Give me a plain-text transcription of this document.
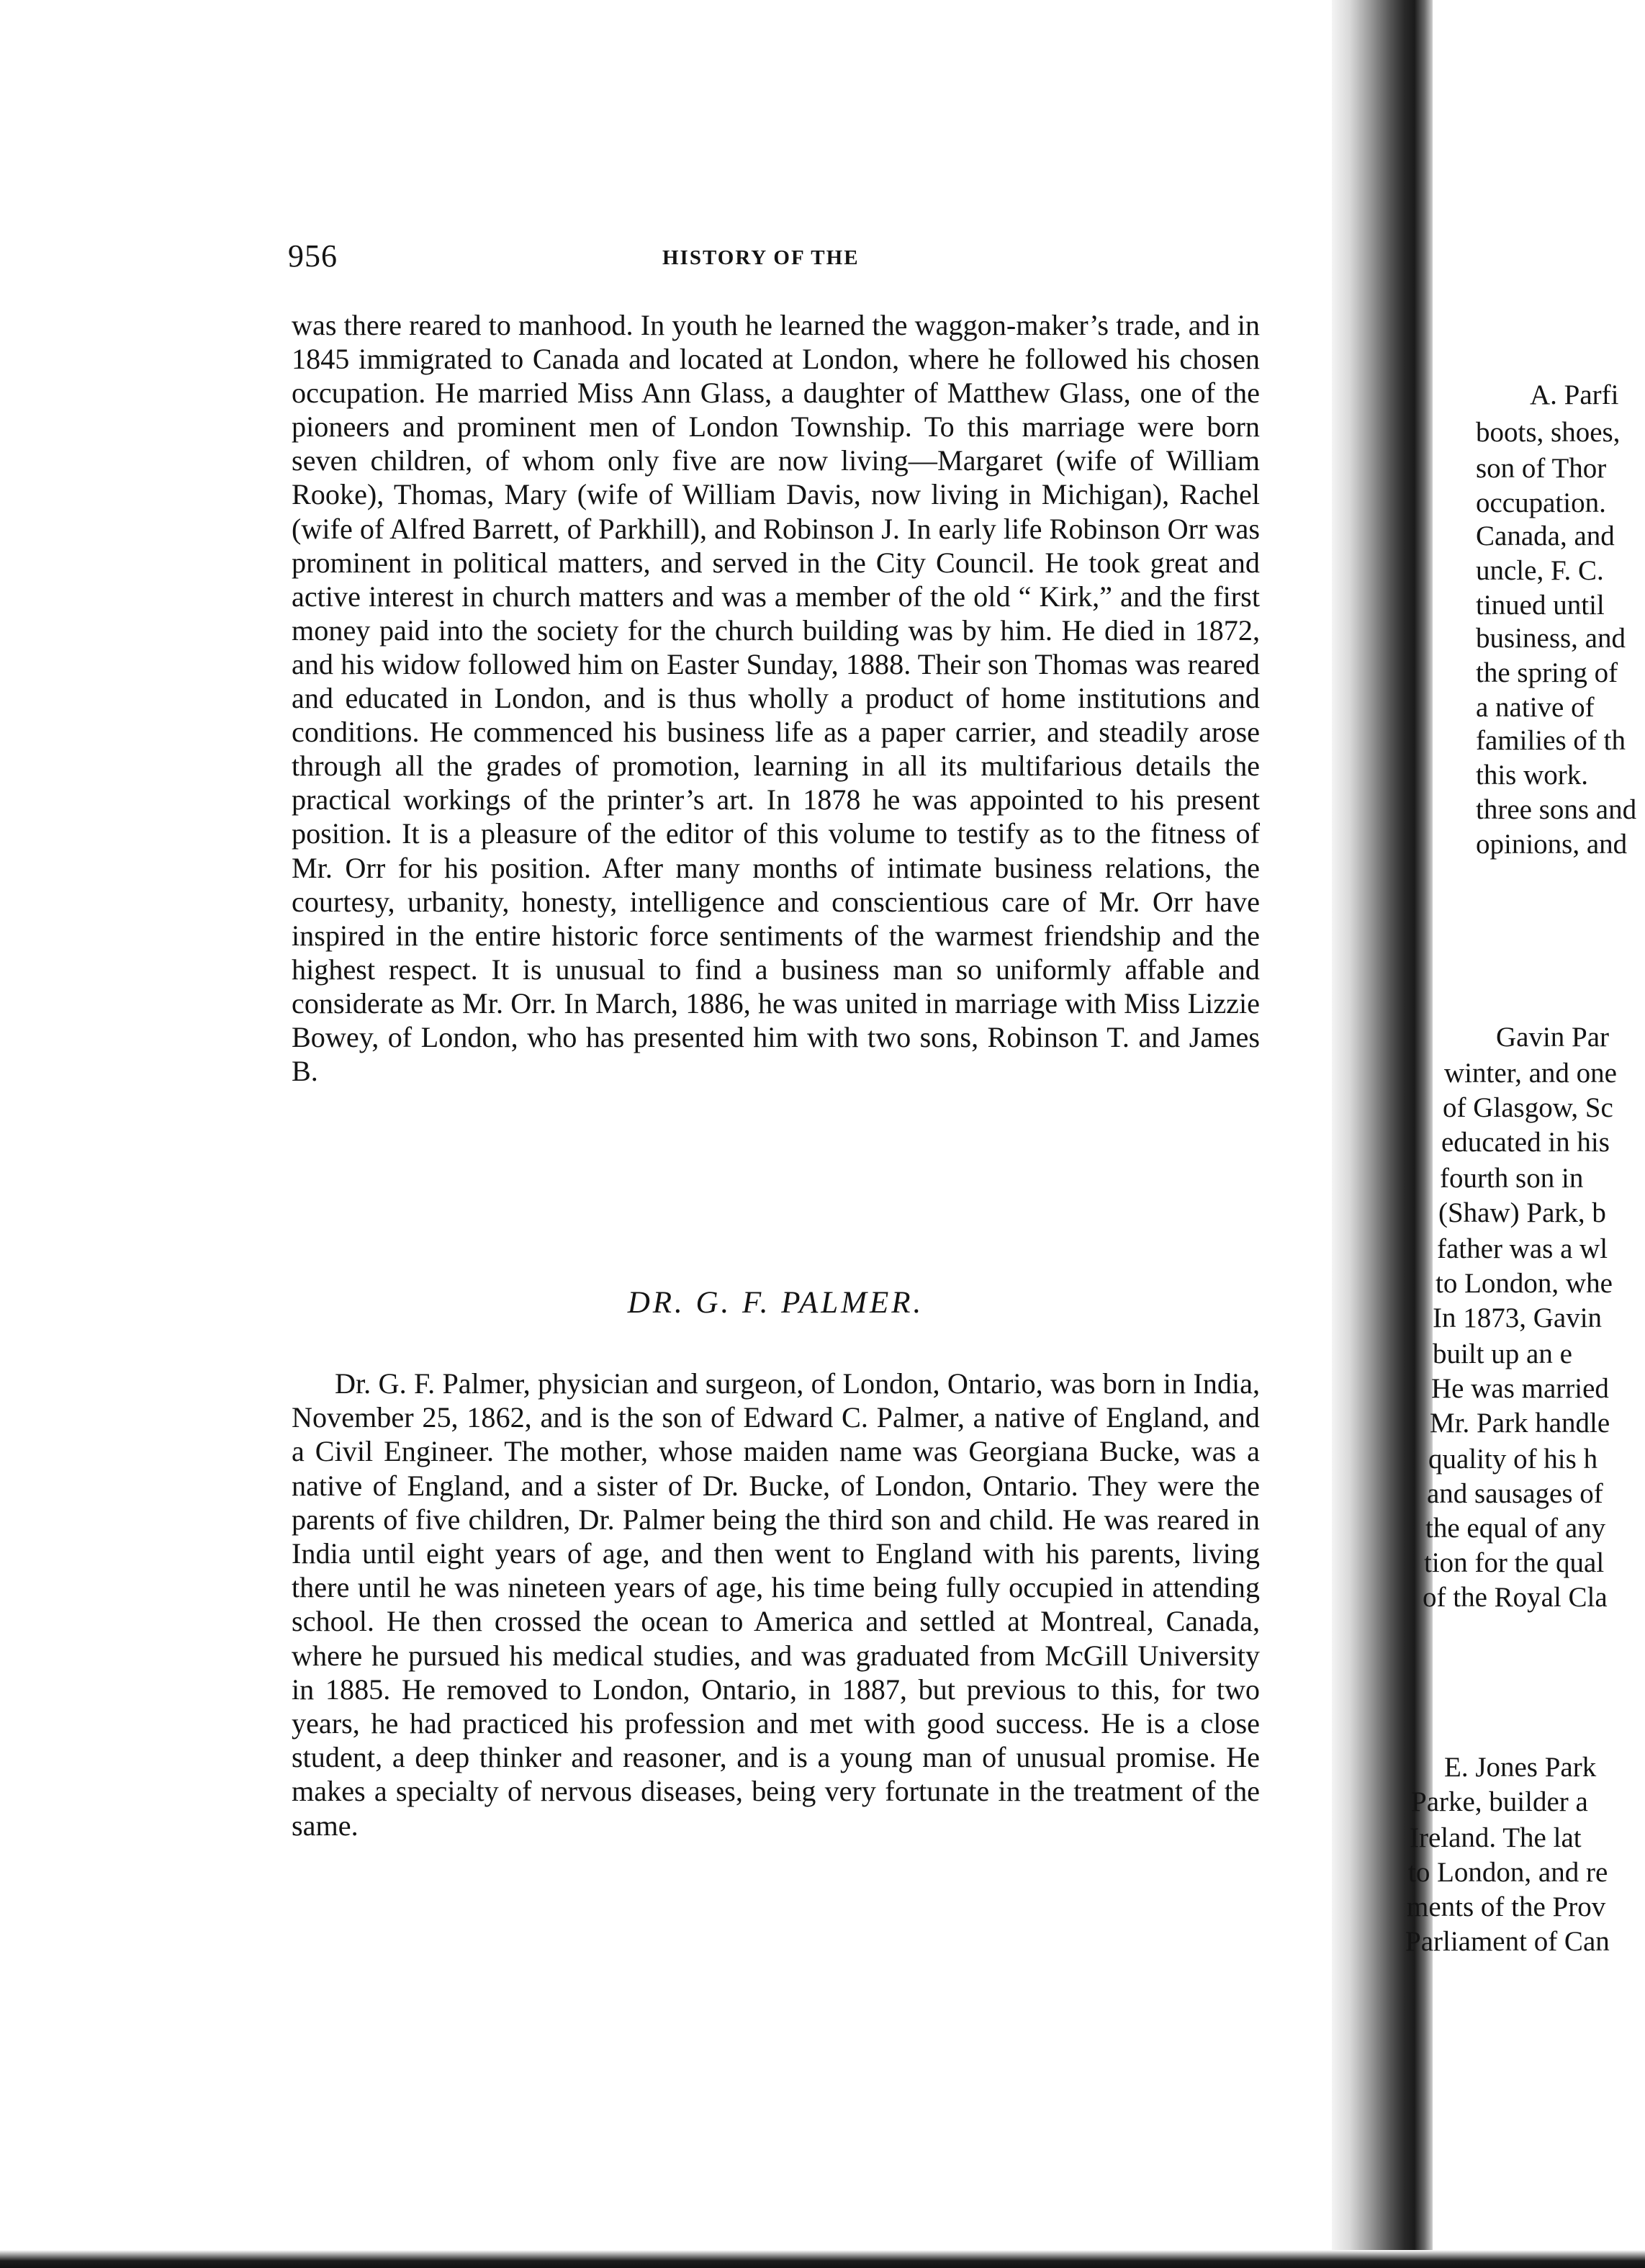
956	HISTORY OF THE

was there reared to manhood. In youth he learned the waggon-maker’s trade, and in 1845 immigrated to Canada and located at London, where he followed his chosen occupation. He married Miss Ann Glass, a daughter of Matthew Glass, one of the pioneers and prominent men of London Township. To this marriage were born seven children, of whom only five are now living—Margaret (wife of William Rooke), Thomas, Mary (wife of William Davis, now living in Michigan), Rachel (wife of Alfred Barrett, of Parkhill), and Robinson J. In early life Robinson Orr was prominent in political matters, and served in the City Council. He took great and active interest in church matters and was a member of the old “ Kirk,” and the first money paid into the society for the church building was by him. He died in 1872, and his widow followed him on Easter Sunday, 1888. Their son Thomas was reared and educated in London, and is thus wholly a product of home institutions and conditions. He commenced his business life as a paper carrier, and steadily arose through all the grades of promotion, learning in all its multifarious details the practical workings of the printer’s art. In 1878 he was appointed to his present position. It is a pleasure of the editor of this volume to testify as to the fitness of Mr. Orr for his position. After many months of intimate business relations, the courtesy, urbanity, honesty, intelligence and conscientious care of Mr. Orr have inspired in the entire historic force sentiments of the warmest friendship and the highest respect. It is unusual to find a business man so uniformly affable and considerate as Mr. Orr. In March, 1886, he was united in marriage with Miss Lizzie Bowey, of London, who has presented him with two sons, Robinson T. and James B.

DR. G. F. PALMER.

Dr. G. F. Palmer, physician and surgeon, of London, Ontario, was born in India, November 25, 1862, and is the son of Edward C. Palmer, a native of England, and a Civil Engineer. The mother, whose maiden name was Georgiana Bucke, was a native of England, and a sister of Dr. Bucke, of London, Ontario. They were the parents of five children, Dr. Palmer being the third son and child. He was reared in India until eight years of age, and then went to England with his parents, living there until he was nineteen years of age, his time being fully occupied in attending school. He then crossed the ocean to America and settled at Montreal, Canada, where he pursued his medical studies, and was graduated from McGill University in 1885. He removed to London, Ontario, in 1887, but previous to this, for two years, he had practiced his profession and met with good success. He is a close student, a deep thinker and reasoner, and is a young man of unusual promise. He makes a specialty of nervous diseases, being very fortunate in the treatment of the same.

A. Parfi
boots, shoes,
son of Thor
occupation.
Canada, and
uncle, F. C.
tinued until
business, and
the spring of
a native of
families of th
this work.
three sons and
opinions, and
Gavin Par
winter, and one
of Glasgow, Sc
educated in his
fourth son in
(Shaw) Park, b
father was a wl
to London, whe
In 1873, Gavin
built up an e
He was married
Mr. Park handle
quality of his h
and sausages of
the equal of any
tion for the qual
of the Royal Cla
E. Jones Park
Parke, builder a
Ireland. The lat
to London, and re
ments of the Prov
Parliament of Can
